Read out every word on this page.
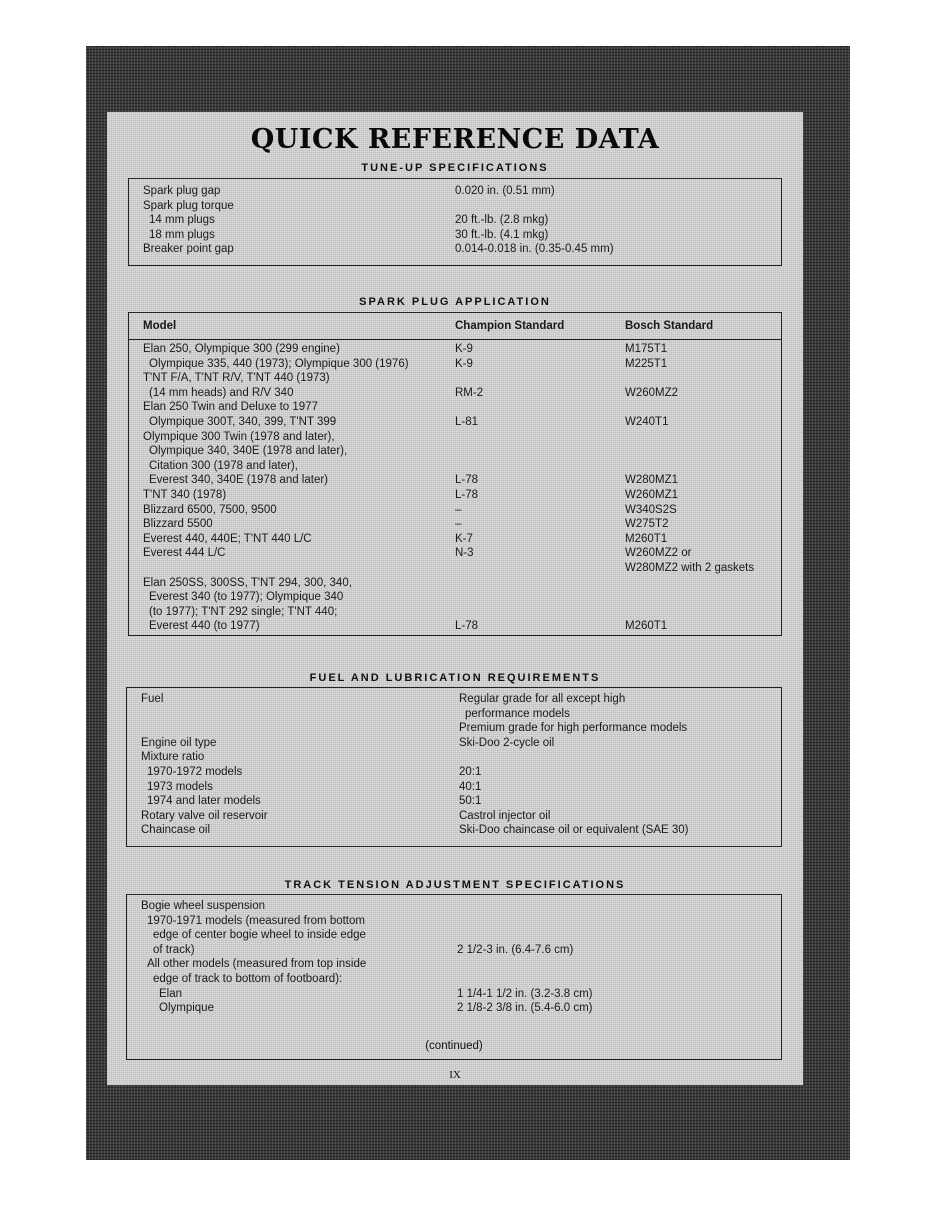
QUICK REFERENCE DATA
TUNE-UP SPECIFICATIONS
Spark plug gap	0.020 in. (0.51 mm)
Spark plug torque
14 mm plugs	20 ft.-lb. (2.8 mkg)
18 mm plugs	30 ft.-lb. (4.1 mkg)
Breaker point gap	0.014-0.018 in. (0.35-0.45 mm)
SPARK PLUG APPLICATION
Model	Champion Standard	Bosch Standard
Elan 250, Olympique 300 (299 engine)	K-9	M175T1
Olympique 335, 440 (1973); Olympique 300 (1976)	K-9	M225T1
T'NT F/A, T'NT R/V, T'NT 440 (1973)
(14 mm heads) and R/V 340	RM-2	W260MZ2
Elan 250 Twin and Deluxe to 1977
Olympique 300T, 340, 399, T'NT 399	L-81	W240T1
Olympique 300 Twin (1978 and later),
Olympique 340, 340E (1978 and later),
Citation 300 (1978 and later),
Everest 340, 340E (1978 and later)	L-78	W280MZ1
T'NT 340 (1978)	L-78	W260MZ1
Blizzard 6500, 7500, 9500	–	W340S2S
Blizzard 5500	–	W275T2
Everest 440, 440E; T'NT 440 L/C	K-7	M260T1
Everest 444 L/C	N-3	W260MZ2 or
W280MZ2 with 2 gaskets
Elan 250SS, 300SS, T'NT 294, 300, 340,
Everest 340 (to 1977); Olympique 340
(to 1977); T'NT 292 single; T'NT 440;
Everest 440 (to 1977)	L-78	M260T1
FUEL AND LUBRICATION REQUIREMENTS
Fuel	Regular grade for all except high
performance models
Premium grade for high performance models
Engine oil type	Ski-Doo 2-cycle oil
Mixture ratio
1970-1972 models	20:1
1973 models	40:1
1974 and later models	50:1
Rotary valve oil reservoir	Castrol injector oil
Chaincase oil	Ski-Doo chaincase oil or equivalent (SAE 30)
TRACK TENSION ADJUSTMENT SPECIFICATIONS
(continued)
Bogie wheel suspension
1970-1971 models (measured from bottom
edge of center bogie wheel to inside edge
of track)	2 1/2-3 in. (6.4-7.6 cm)
All other models (measured from top inside
edge of track to bottom of footboard):
Elan	1 1/4-1 1/2 in. (3.2-3.8 cm)
Olympique	2 1/8-2 3/8 in. (5.4-6.0 cm)
IX
